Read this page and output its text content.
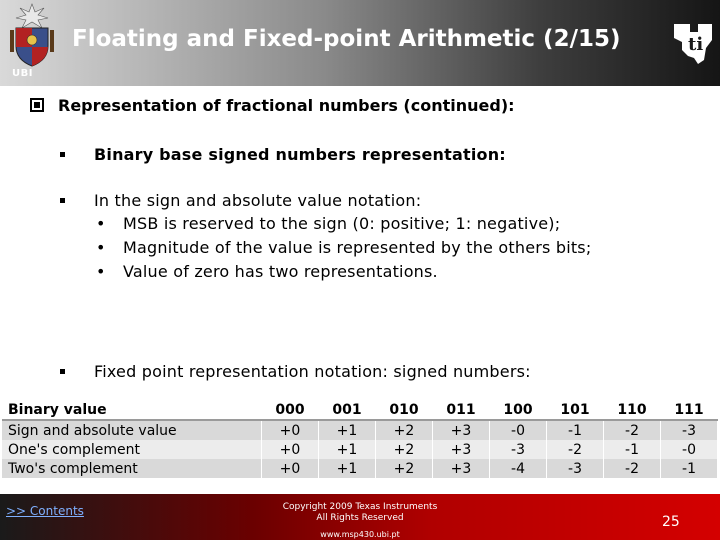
UBI
Floating and Fixed-point Arithmetic (2/15)	ti
Representation of fractional numbers (continued):
Binary base signed numbers representation:
In the sign and absolute value notation:
• MSB is reserved to the sign (0: positive; 1: negative);
• Magnitude of the value is represented by the others bits;
• Value of zero has two representations.
Fixed point representation notation: signed numbers:
Binary value	000	001	010	011	100	101	110	111
Sign and absolute value	+0	+1	+2	+3	-0	-1	-2	-3
One's complement	+0	+1	+2	+3	-3	-2	-1	-0
Two's complement	+0	+1	+2	+3	-4	-3	-2	-1
>> Contents	Copyright 2009 Texas Instruments
All Rights Reserved
www.msp430.ubi.pt
25
